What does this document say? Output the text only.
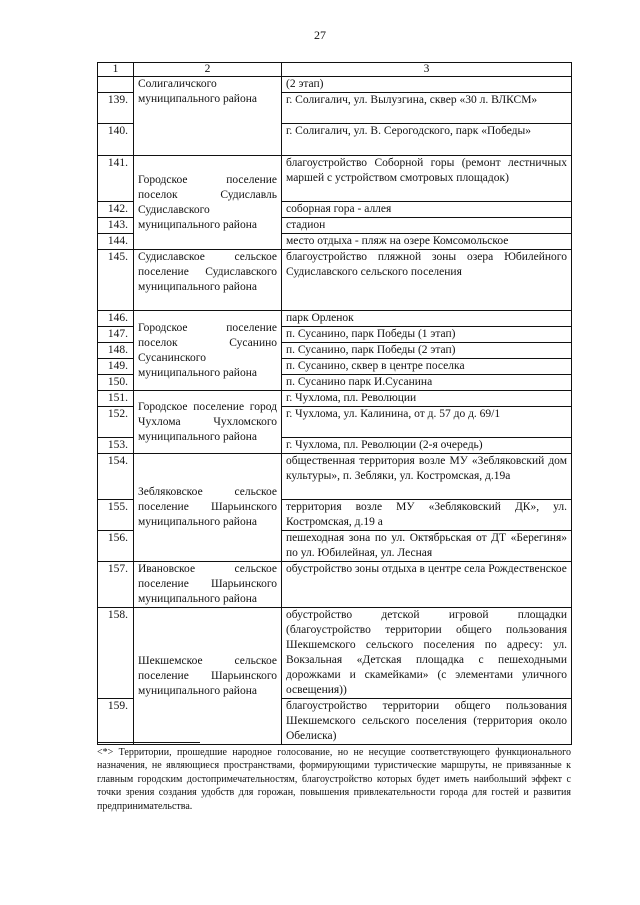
27
1	2	3
	Солигаличского муниципального района	(2 этап)
139.		г. Солигалич, ул. Вылузгина, сквер «30 л. ВЛКСМ»
140.		г. Солигалич, ул. В. Серогодского, парк «Победы»
141.	Городское поселение поселок Судиславль Судиславского муниципального района	благоустройство Соборной горы (ремонт лестничных маршей с устройством смотровых площадок)
142.		соборная гора - аллея
143.		стадион
144.		место отдыха - пляж на озере Комсомольское
145.	Судиславское сельское поселение Судиславского муниципального района	благоустройство пляжной зоны озера Юбилейного Судиславского сельского поселения
146.	Городское поселение поселок Сусанино Сусанинского муниципального района	парк Орленок
147.		п. Сусанино, парк Победы (1 этап)
148.		п. Сусанино, парк Победы (2 этап)
149.		п. Сусанино, сквер в центре поселка
150.		п. Сусанино парк И.Сусанина
151.	Городское поселение город Чухлома Чухломского муниципального района	г. Чухлома, пл. Революции
152.		г. Чухлома, ул. Калинина, от д. 57 до д. 69/1
153.		г. Чухлома, пл. Революции (2-я очередь)
154.	Зебляковское сельское поселение Шарьинского муниципального района	общественная территория возле МУ «Зебляковский дом культуры», п. Зебляки, ул. Костромская, д.19а
155.		территория возле МУ «Зебляковский ДК», ул. Костромская, д.19 а
156.		пешеходная зона по ул. Октябрьская от ДТ «Берегиня» по ул. Юбилейная, ул. Лесная
157.	Ивановское сельское поселение Шарьинского муниципального района	обустройство зоны отдыха в центре села Рождественское
158.	Шекшемское сельское поселение Шарьинского муниципального района	обустройство детской игровой площадки (благоустройство территории общего пользования Шекшемского сельского поселения по адресу: ул. Вокзальная «Детская площадка с пешеходными дорожками и скамейками» (с элементами уличного освещения))
159.		благоустройство территории общего пользования Шекшемского сельского поселения (территория около Обелиска)
<*> Территории, прошедшие народное голосование, но не несущие соответствующего функционального назначения, не являющиеся пространствами, формирующими туристические маршруты, не привязанные к главным городским достопримечательностям, благоустройство которых будет иметь наибольший эффект с точки зрения создания удобств для горожан, повышения привлекательности города для гостей и развития предпринимательства.
